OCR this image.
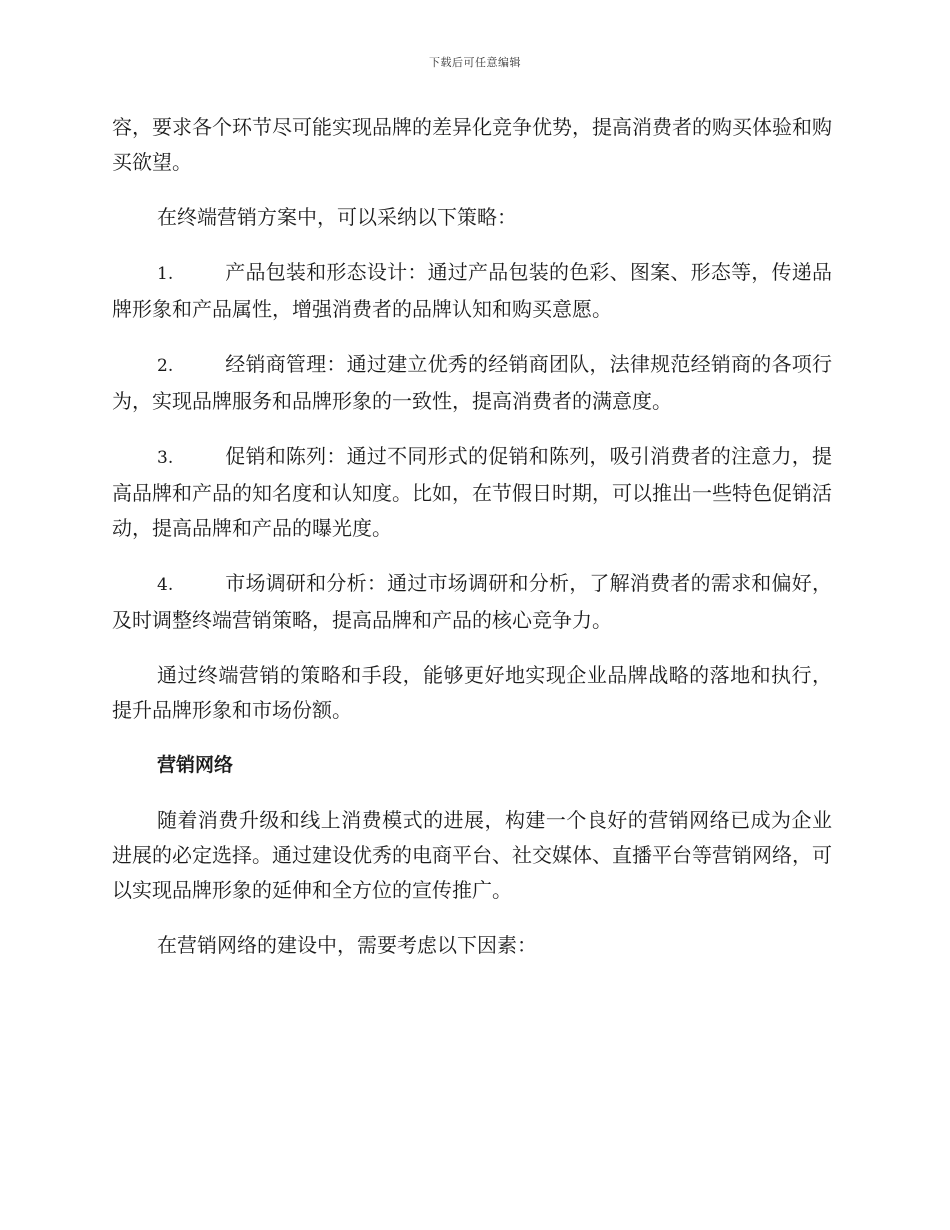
下载后可任意编辑

容，要求各个环节尽可能实现品牌的差异化竞争优势，提高消费者的购买体验和购买欲望。

在终端营销方案中，可以采纳以下策略：

1.	产品包装和形态设计：通过产品包装的色彩、图案、形态等，传递品牌形象和产品属性，增强消费者的品牌认知和购买意愿。
2.	经销商管理：通过建立优秀的经销商团队，法律规范经销商的各项行为，实现品牌服务和品牌形象的一致性，提高消费者的满意度。
3.	促销和陈列：通过不同形式的促销和陈列，吸引消费者的注意力，提高品牌和产品的知名度和认知度。比如，在节假日时期，可以推出一些特色促销活动，提高品牌和产品的曝光度。
4.	市场调研和分析：通过市场调研和分析，了解消费者的需求和偏好，及时调整终端营销策略，提高品牌和产品的核心竞争力。

通过终端营销的策略和手段，能够更好地实现企业品牌战略的落地和执行，提升品牌形象和市场份额。

营销网络

随着消费升级和线上消费模式的进展，构建一个良好的营销网络已成为企业进展的必定选择。通过建设优秀的电商平台、社交媒体、直播平台等营销网络，可以实现品牌形象的延伸和全方位的宣传推广。

在营销网络的建设中，需要考虑以下因素：
